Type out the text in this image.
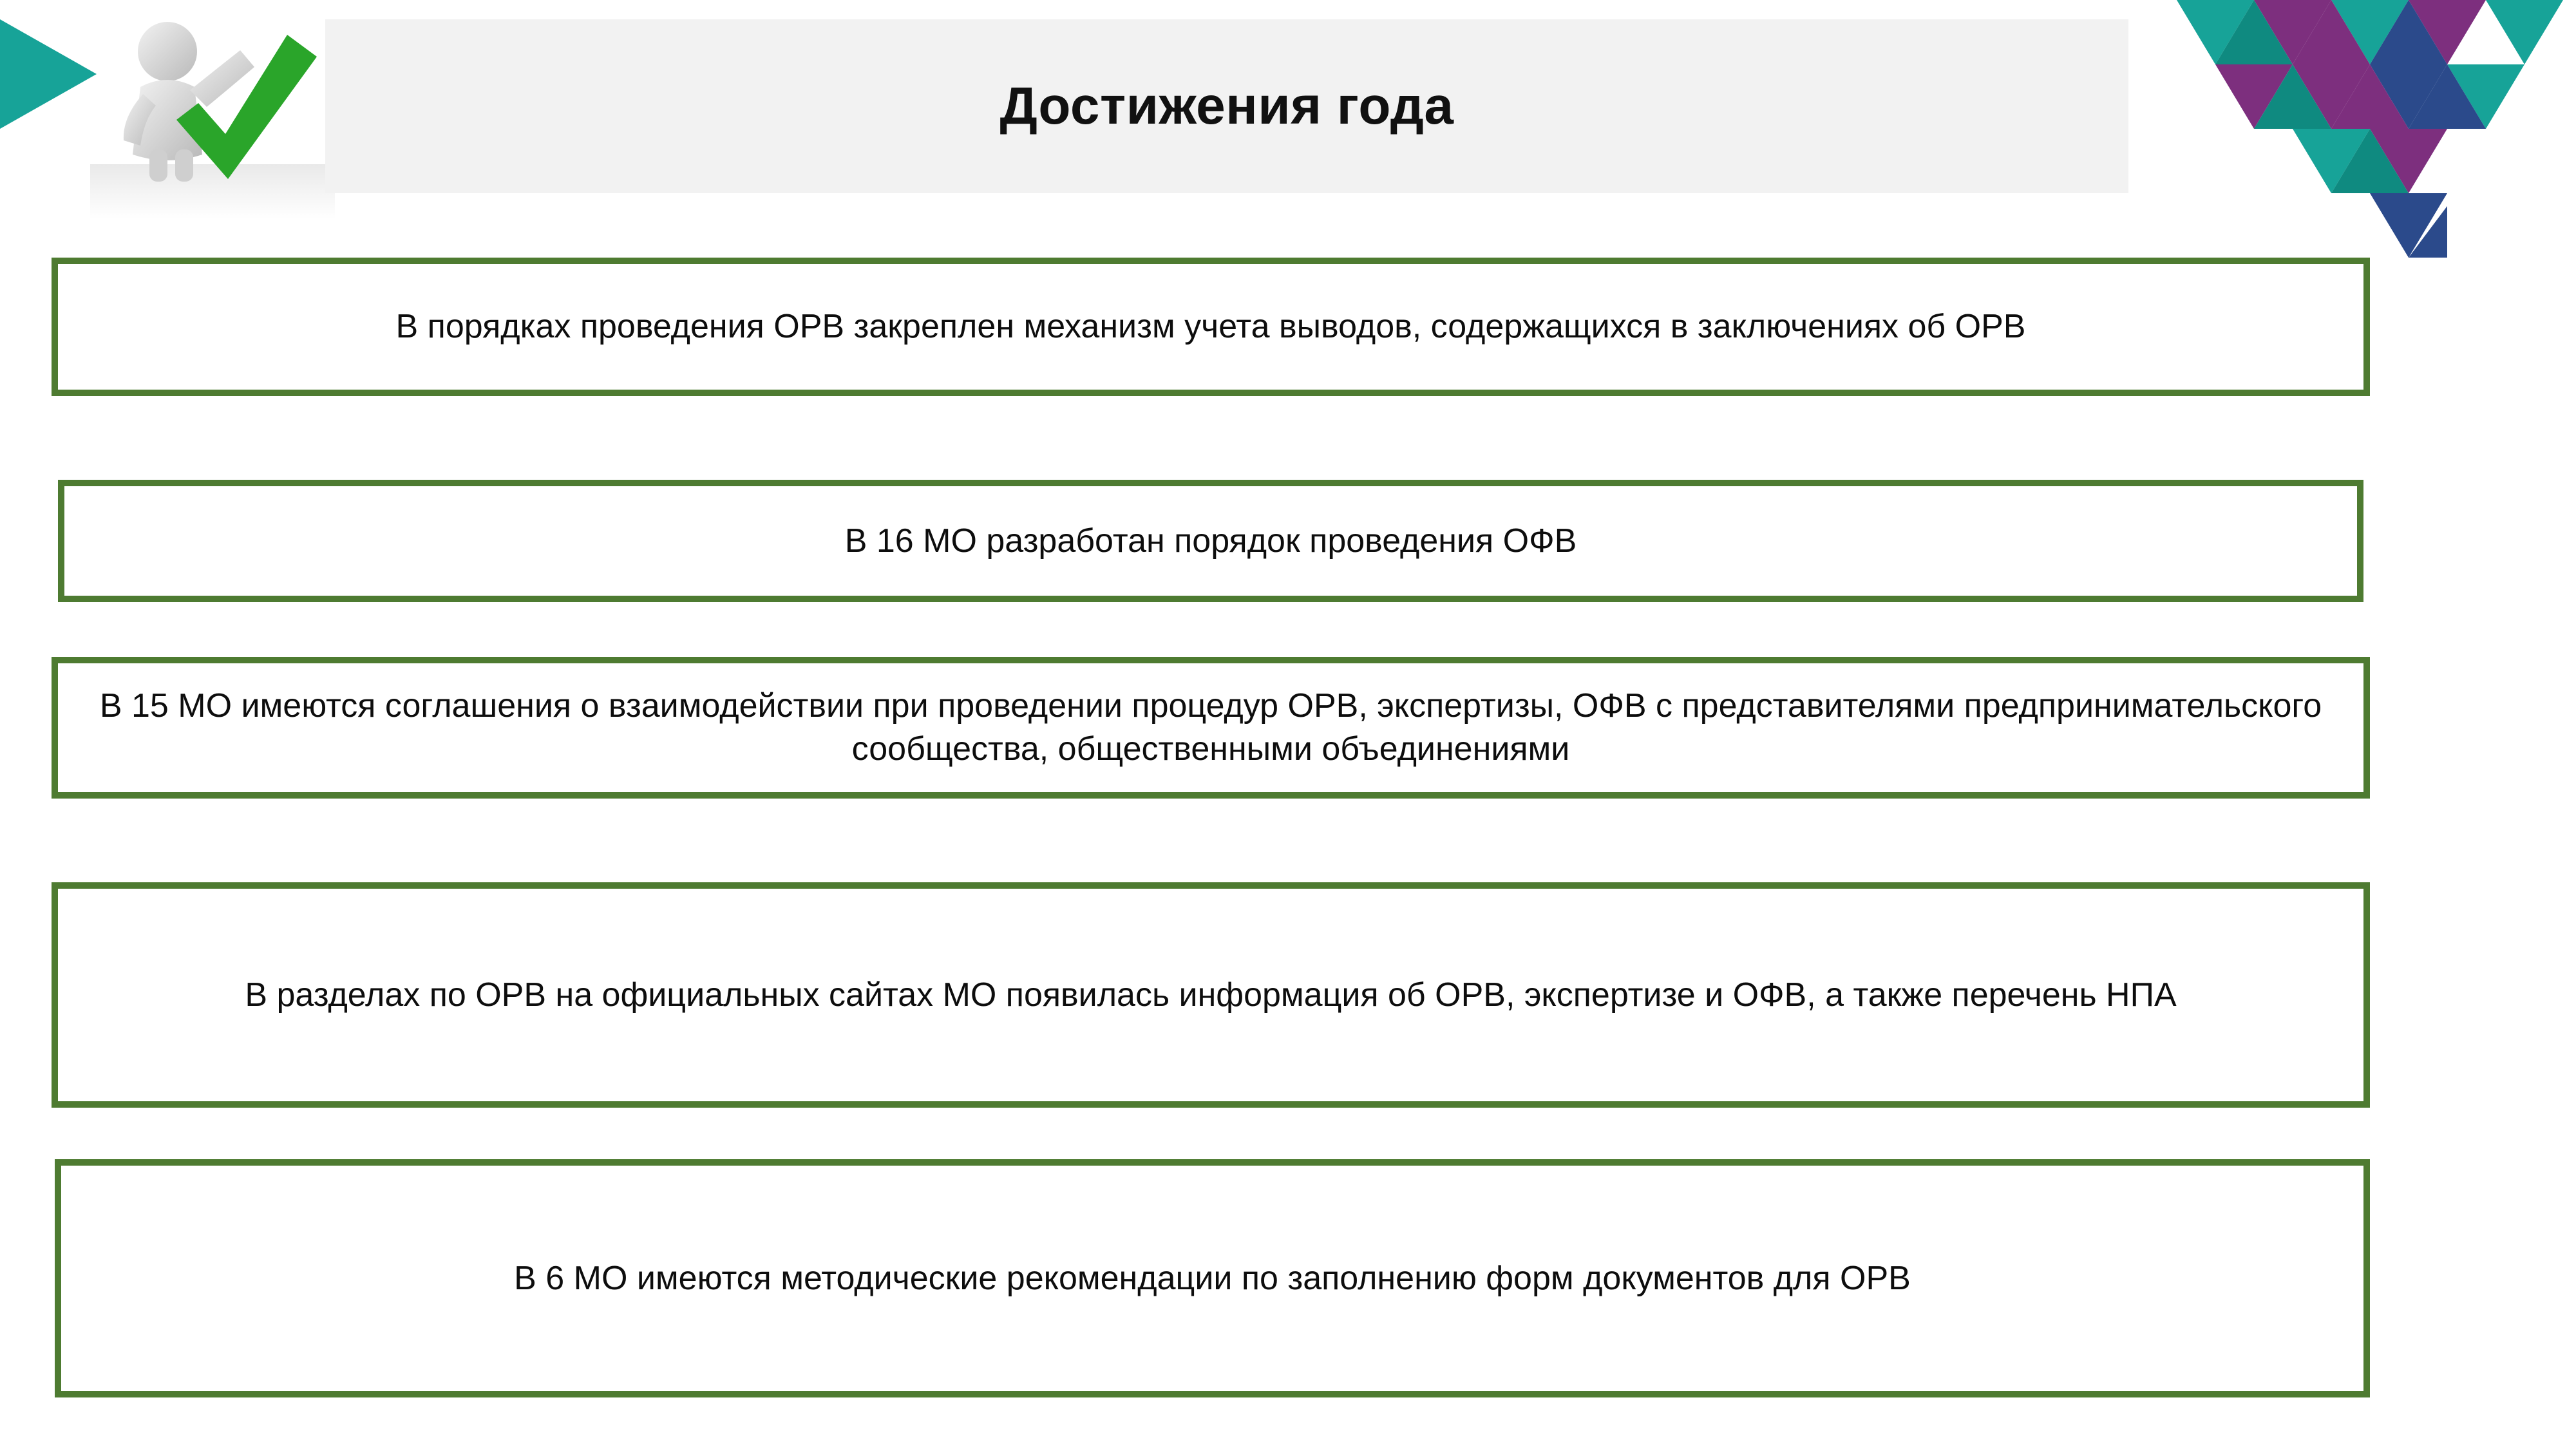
Достижения года
В порядках проведения ОРВ закреплен механизм учета выводов, содержащихся в заключениях об ОРВ
В 16 МО разработан порядок проведения ОФВ
В 15 МО имеются соглашения о взаимодействии при проведении процедур ОРВ, экспертизы, ОФВ с представителями предпринимательского сообщества, общественными объединениями
В разделах по ОРВ на официальных сайтах МО появилась информация об ОРВ, экспертизе и ОФВ, а также перечень НПА
В 6 МО имеются методические рекомендации по заполнению форм документов для ОРВ
